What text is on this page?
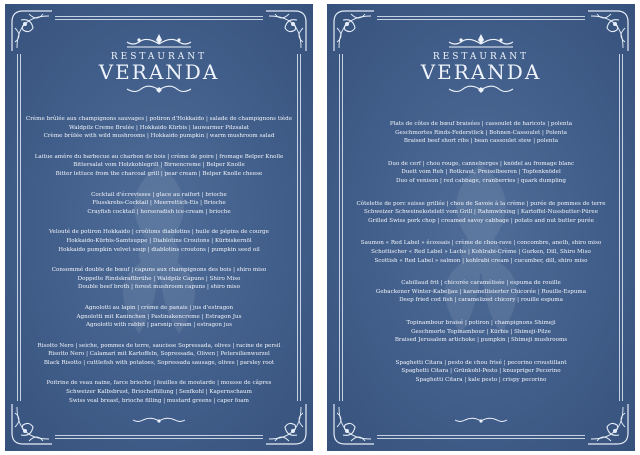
RESTAURANT
VERANDA
Crème brûlée aux champignons sauvages | potiron d'Hokkaido | salade de champignons tiède
Waldpilz Creme Brulée | Hokkaido Kürbis | lauwarmer Pilzsalat
Crème brûlée with wild mushrooms | Hokkaido pumpkin | warm mushroom salad
Laitue amère du barbecue au charbon de bois | crème de poire | fromage Belper Knolle
Bittersalat vom Holzkohlegrill | Birnencreme | Belper Knolle
Bitter lettuce from the charcoal grill | pear cream | Belper Knolle cheese
Cocktail d'écrevisses | glace au raifort | brioche
Flusskrebs-Cocktail | Meerrettich-Eis | Brioche
Crayfish cocktail | horseradish ice-cream | brioche
Velouté de potiron Hokkaido | croûtons diablotins | huile de pépins de courge
Hokkaido-Kürbis-Samtsuppe | Diablotins Croutons | Kürbiskernöl
Hokkaido pumpkin velvet soup | diablotins croutons | pumpkin seed oil
Consommé double de bœuf | capuns aux champignons des bois | shiro miso
Doppelte Rindskraftbrühe | Waldpilz Capuns | Shiro Miso
Double beef broth | forest mushroom capuns | shiro miso
Agnolotti au lapin | crème de panais | jus d'estragon
Agnolotti mit Kaninchen | Pastinakencreme | Estragon Jus
Agnolotti with rabbit | parsnip cream | estragon jus
Risotto Nero | seiche, pommes de terre, saucisse Sopressada, olives | racine de persil
Risotto Nero | Calamari mit Kartoffeln, Sopressada, Oliven | Petersilienwurzel
Black Risotto | cuttlefish with potatoes, Sopressada sausage, olives | parsley root
Poitrine de veau naine, farce brioche | feuilles de moutarde | mousse de câpres
Schweizer Kalbsbrust, Briochefüllung | Senfkohl | Kapernschaum
Swiss veal breast, brioche filling | mustard greens | caper foam
RESTAURANT
VERANDA
Plats de côtes de bœuf braisées | cassoulet de haricots | polenta
Geschmortes Rinds-Federstück | Bohnen-Cassoulet | Polenta
Braised beef short ribs | bean cassoulet stew | polenta
Duo de cerf | chou rouge, canneberges | knödel au fromage blanc
Duett vom Reh | Rotkraut, Preiselbeeren | Topfenknödel
Duo of venison | red cabbage, cranberries | quark dumpling
Côtelette de porc suisse grillée | chou de Savoie à la crème | purée de pommes de terre
Schweizer Schweinekotelett vom Grill | Rahmwirsing | Kartoffel-Nussbutter-Püree
Grilled Swiss pork chop | creamed savoy cabbage | potato and nut butter purée
Saumon « Red Label » écossais | crème de chou-rave | concombre, aneth, shiro miso
Schottischer « Red Label » Lachs | Kohlrabi-Crème | Gurken, Dill, Shiro Miso
Scottish « Red Label » salmon | kohlrabi cream | cucumber, dill, shiro miso
Cabillaud frit | chicorée caramélisée | espuma de rouille
Gebackener Winter-Kabeljau | karamellisierter Chicorée | Rouille-Espuma
Deep fried cod fish | caramelized chicory | rouille espuma
Topinambour braisé | potiron | champignons Shimeji
Geschmorte Topinambour | Kürbis | Shimeji-Pilze
Braised Jerusalem artichoke | pumpkin | Shimeji mushrooms
Spaghetti Citara | pesto de chou frisé | pecorino croustillant
Spaghetti Citara | Grünkohl-Pesto | knuspriger Pecorino
Spaghetti Citara | kale pesto | crispy pecorino
